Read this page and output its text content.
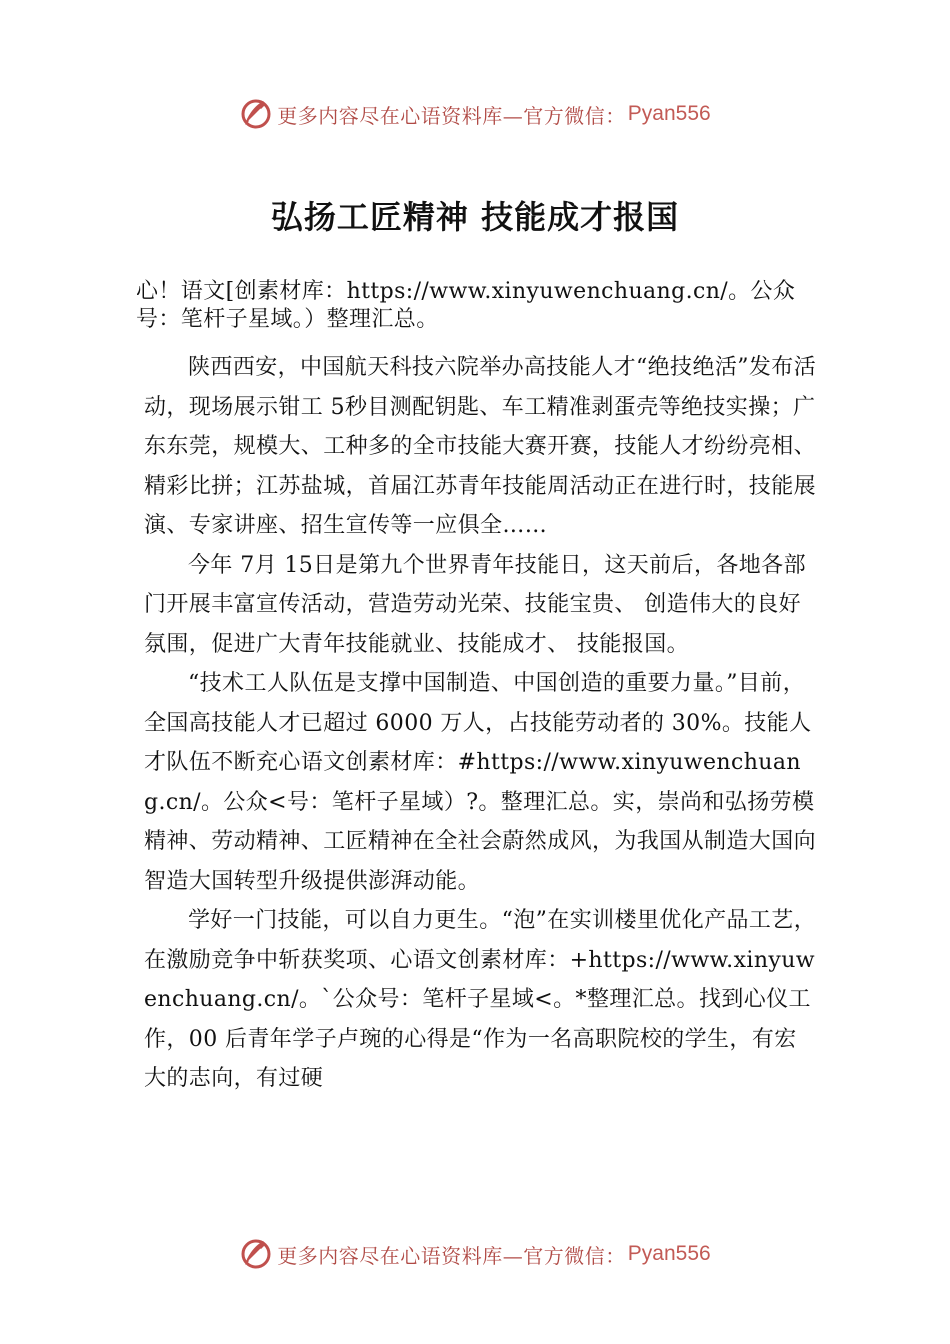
更多内容尽在心语资料库—官方微信： Pyan556
弘扬工匠精神 技能成才报国

心！语文[创素材库：https://www.xinyuwenchuang.cn/。公众号：笔杆子星域。）整理汇总。

陕西西安，中国航天科技六院举办高技能人才“绝技绝活”发布活动，现场展示钳工 5秒目测配钥匙、车工精准剥蛋壳等绝技实操；广东东莞，规模大、工种多的全市技能大赛开赛，技能人才纷纷亮相、精彩比拼；江苏盐城，首届江苏青年技能周活动正在进行时，技能展演、专家讲座、招生宣传等一应俱全……

今年 7月 15日是第九个世界青年技能日，这天前后，各地各部门开展丰富宣传活动，营造劳动光荣、技能宝贵、 创造伟大的良好氛围，促进广大青年技能就业、技能成才、 技能报国。

“技术工人队伍是支撑中国制造、中国创造的重要力量。”目前，全国高技能人才已超过 6000 万人，占技能劳动者的 30%。技能人才队伍不断充心语文创素材库：#https://www.xinyuwenchuang.cn/。公众<号：笔杆子星域）?。整理汇总。实，崇尚和弘扬劳模精神、劳动精神、工匠精神在全社会蔚然成风，为我国从制造大国向智造大国转型升级提供澎湃动能。

学好一门技能，可以自力更生。“泡”在实训楼里优化产品工艺，在激励竞争中斩获奖项、心语文创素材库：+https://www.xinyuwenchuang.cn/。`公众号：笔杆子星域<。*整理汇总。找到心仪工作，00 后青年学子卢琬的心得是“作为一名高职院校的学生，有宏大的志向，有过硬

更多内容尽在心语资料库—官方微信： Pyan556
